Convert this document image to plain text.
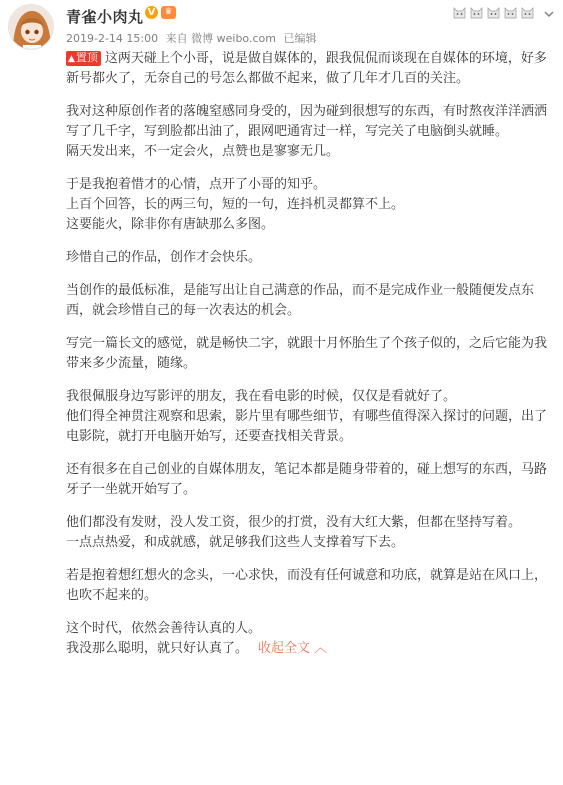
青雀小肉丸 V	♛
2019-2-14 15:00 来自 微博 weibo.com 已编辑

▲置顶 这两天碰上个小哥，说是做自媒体的，跟我侃侃而谈现在自媒体的环境，好多新号都火了，无奈自己的号怎么都做不起来，做了几年才几百的关注。

我对这种原创作者的落魄窒感同身受的，因为碰到很想写的东西，有时熬夜洋洋洒洒写了几千字，写到脸都出油了，跟网吧通宵过一样，写完关了电脑倒头就睡。
隔天发出来，不一定会火，点赞也是寥寥无几。

于是我抱着惜才的心情，点开了小哥的知乎。
上百个回答，长的两三句，短的一句，连抖机灵都算不上。
这要能火，除非你有唐缺那么多图。

珍惜自己的作品，创作才会快乐。

当创作的最低标准，是能写出让自己满意的作品，而不是完成作业一般随便发点东西，就会珍惜自己的每一次表达的机会。

写完一篇长文的感觉，就是畅快二字，就跟十月怀胎生了个孩子似的，之后它能为我带来多少流量，随缘。

我很佩服身边写影评的朋友，我在看电影的时候，仅仅是看就好了。
他们得全神贯注观察和思索，影片里有哪些细节，有哪些值得深入探讨的问题，出了电影院，就打开电脑开始写，还要查找相关背景。

还有很多在自己创业的自媒体朋友，笔记本都是随身带着的，碰上想写的东西，马路牙子一坐就开始写了。

他们都没有发财，没人发工资，很少的打赏，没有大红大紫，但都在坚持写着。
一点点热爱，和成就感，就足够我们这些人支撑着写下去。

若是抱着想红想火的念头，一心求快，而没有任何诚意和功底，就算是站在风口上，也吹不起来的。

这个时代，依然会善待认真的人。
我没那么聪明，就只好认真了。 收起全文 ︿
